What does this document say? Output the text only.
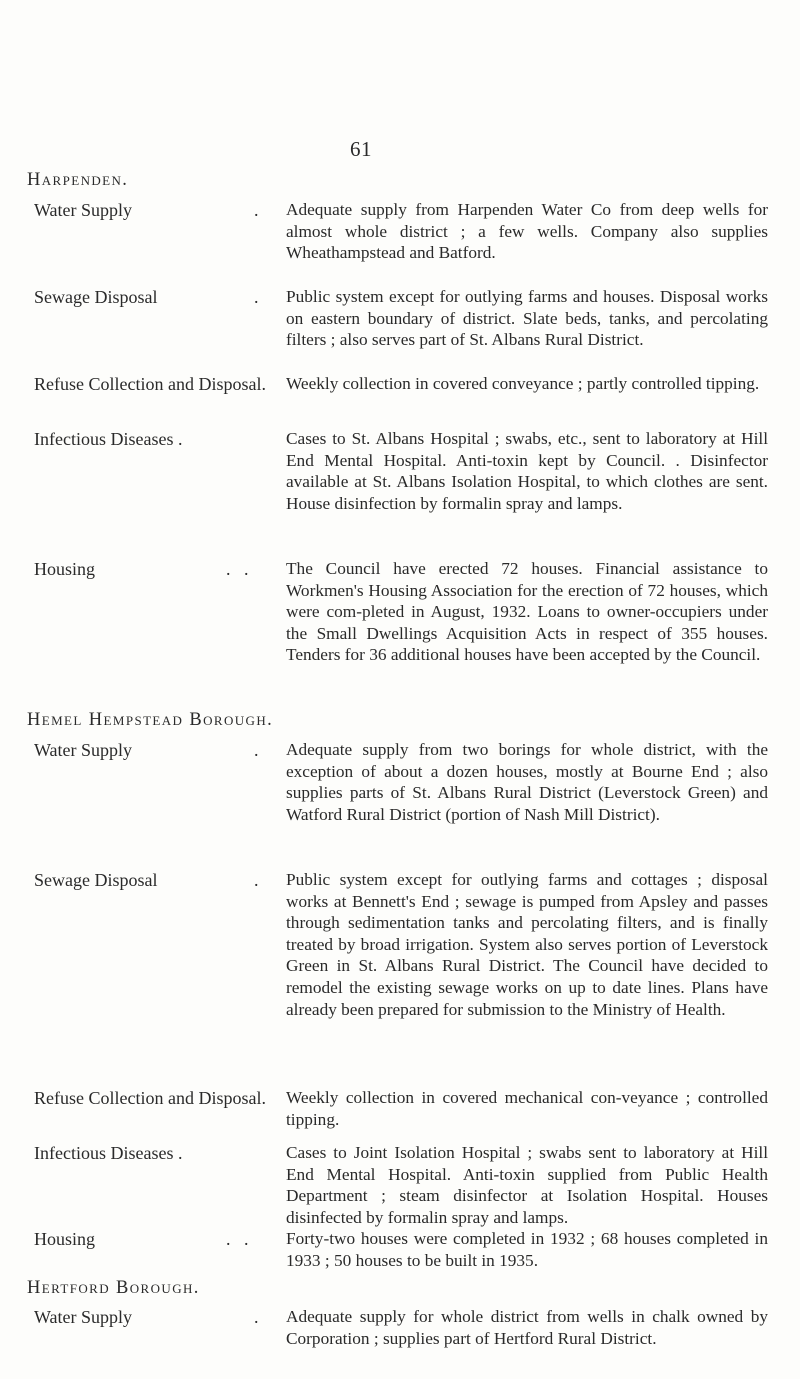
61
Harpenden.
Water Supply	. Adequate supply from Harpenden Water Co from deep wells for almost whole district ; a few wells. Company also supplies Wheathampstead and Batford.
Sewage Disposal	. Public system except for outlying farms and houses. Disposal works on eastern boundary of district. Slate beds, tanks, and percolating filters ; also serves part of St. Albans Rural District.
Refuse Collection and Disposal. Weekly collection in covered conveyance ; partly controlled tipping.
Infectious Diseases .	Cases to St. Albans Hospital ; swabs, etc., sent to laboratory at Hill End Mental Hospital. Anti-toxin kept by Council. . Disinfector available at St. Albans Isolation Hospital, to which clothes are sent. House disinfection by formalin spray and lamps.
Housing	.   . The Council have erected 72 houses. Financial assistance to Workmen's Housing Association for the erection of 72 houses, which were com-pleted in August, 1932. Loans to owner-occupiers under the Small Dwellings Acquisition Acts in respect of 355 houses. Tenders for 36 additional houses have been accepted by the Council.
Hemel Hempstead Borough.
Water Supply	. Adequate supply from two borings for whole district, with the exception of about a dozen houses, mostly at Bourne End ; also supplies parts of St. Albans Rural District (Leverstock Green) and Watford Rural District (portion of Nash Mill District).
Sewage Disposal	. Public system except for outlying farms and cottages ; disposal works at Bennett's End ; sewage is pumped from Apsley and passes through sedimentation tanks and percolating filters, and is finally treated by broad irrigation. System also serves portion of Leverstock Green in St. Albans Rural District. The Council have decided to remodel the existing sewage works on up to date lines. Plans have already been prepared for submission to the Ministry of Health.
Refuse Collection and Disposal. Weekly collection in covered mechanical con-veyance ; controlled tipping.
Infectious Diseases .	Cases to Joint Isolation Hospital ; swabs sent to laboratory at Hill End Mental Hospital. Anti-toxin supplied from Public Health Department ; steam disinfector at Isolation Hospital. Houses disinfected by formalin spray and lamps.
Housing	.   . Forty-two houses were completed in 1932 ; 68 houses completed in 1933 ; 50 houses to be built in 1935.
Hertford Borough.
Water Supply	. Adequate supply for whole district from wells in chalk owned by Corporation ; supplies part of Hertford Rural District.
